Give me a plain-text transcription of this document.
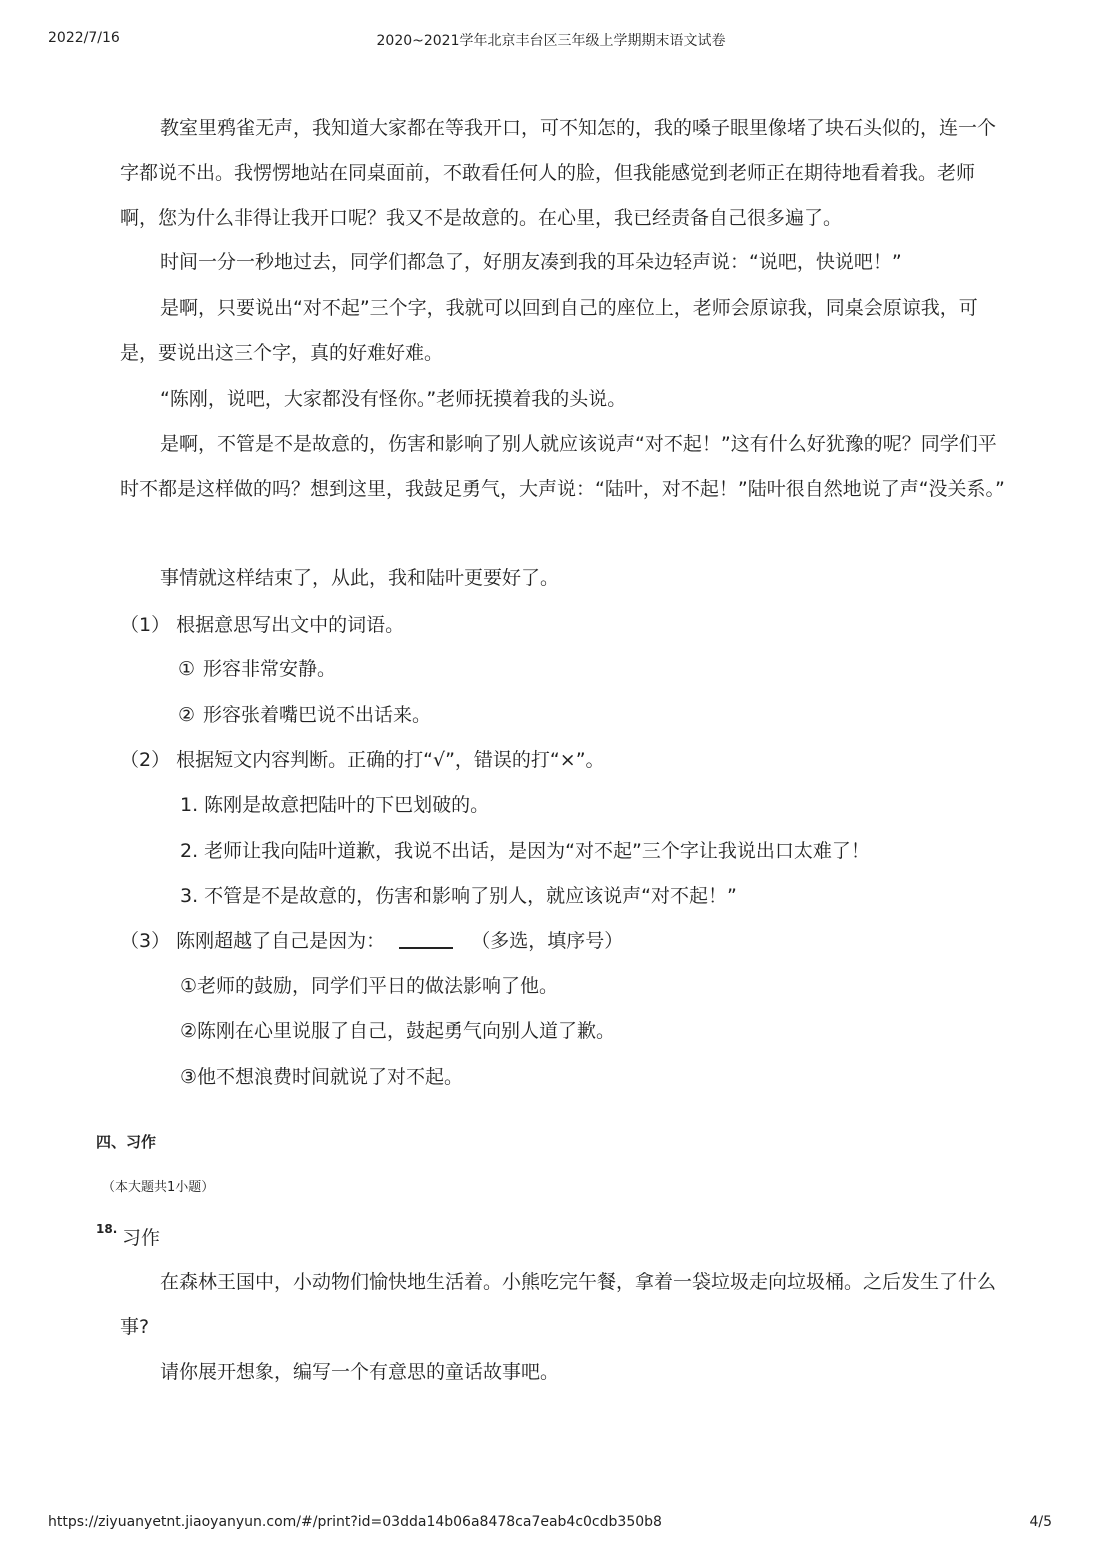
2022/7/16	2020~2021学年北京丰台区三年级上学期期末语文试卷
教室里鸦雀无声，我知道大家都在等我开口，可不知怎的，我的嗓子眼里像堵了块石头似的，连一个字都说不出。我愣愣地站在同桌面前，不敢看任何人的脸，但我能感觉到老师正在期待地看着我。老师啊，您为什么非得让我开口呢？我又不是故意的。在心里，我已经责备自己很多遍了。
时间一分一秒地过去，同学们都急了，好朋友凑到我的耳朵边轻声说：“说吧，快说吧！”
是啊，只要说出“对不起”三个字，我就可以回到自己的座位上，老师会原谅我，同桌会原谅我，可是，要说出这三个字，真的好难好难。
“陈刚，说吧，大家都没有怪你。”老师抚摸着我的头说。
是啊，不管是不是故意的，伤害和影响了别人就应该说声“对不起！”这有什么好犹豫的呢？同学们平时不都是这样做的吗？想到这里，我鼓足勇气，大声说：“陆叶，对不起！”陆叶很自然地说了声“没关系。”
事情就这样结束了，从此，我和陆叶更要好了。
（1） 根据意思写出文中的词语。
① 形容非常安静。
② 形容张着嘴巴说不出话来。
（2） 根据短文内容判断。正确的打“√”，错误的打“×”。
1. 陈刚是故意把陆叶的下巴划破的。
2. 老师让我向陆叶道歉，我说不出话，是因为“对不起”三个字让我说出口太难了！
3. 不管是不是故意的，伤害和影响了别人，就应该说声“对不起！”
（3） 陈刚超越了自己是因为：	（多选，填序号）
①老师的鼓励，同学们平日的做法影响了他。
②陈刚在心里说服了自己，鼓起勇气向别人道了歉。
③他不想浪费时间就说了对不起。
四、习作
（本大题共1小题）
18. 习作
在森林王国中，小动物们愉快地生活着。小熊吃完午餐，拿着一袋垃圾走向垃圾桶。之后发生了什么事?
请你展开想象，编写一个有意思的童话故事吧。
https://ziyuanyetnt.jiaoyanyun.com/#/print?id=03dda14b06a8478ca7eab4c0cdb350b8	4/5
